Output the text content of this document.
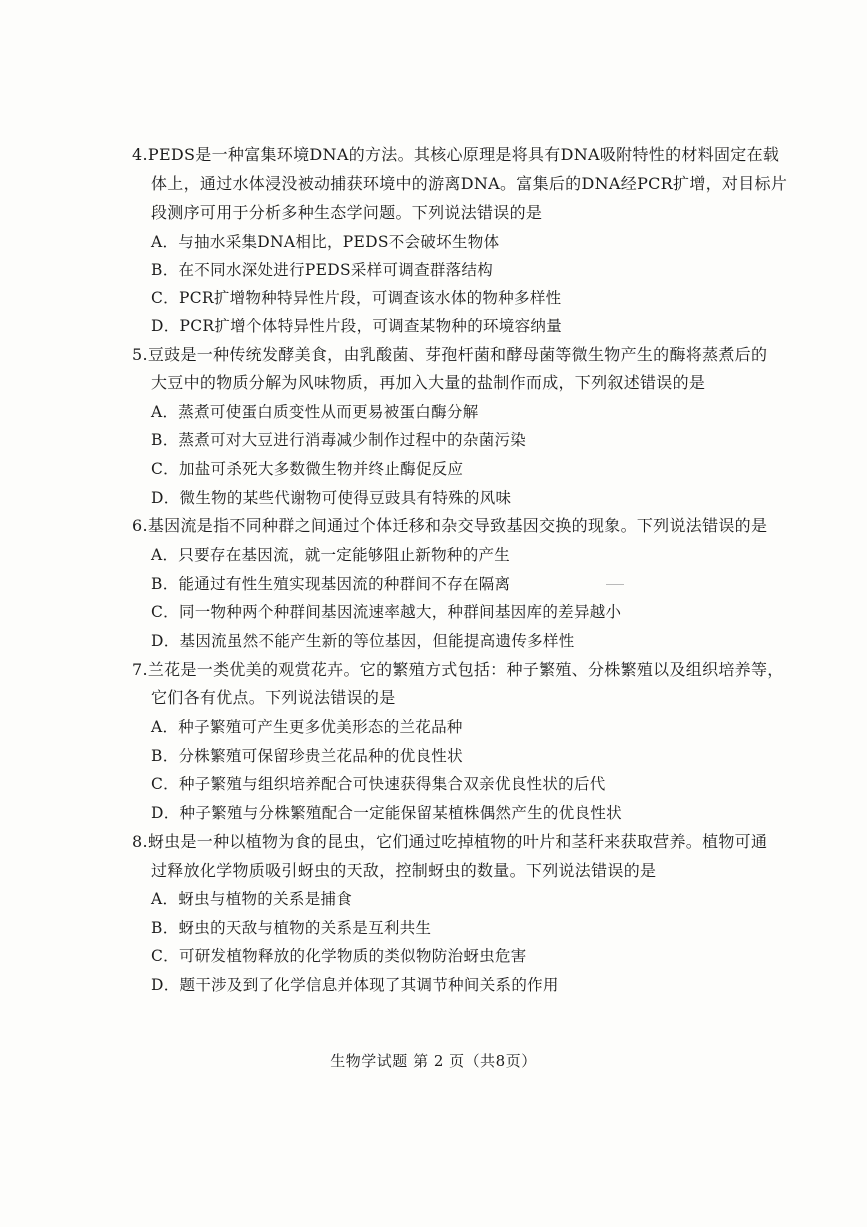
4.PEDS是一种富集环境DNA的方法。其核心原理是将具有DNA吸附特性的材料固定在载
体上，通过水体浸没被动捕获环境中的游离DNA。富集后的DNA经PCR扩增，对目标片
段测序可用于分析多种生态学问题。下列说法错误的是
A．与抽水采集DNA相比，PEDS不会破坏生物体
B．在不同水深处进行PEDS采样可调查群落结构
C．PCR扩增物种特异性片段，可调查该水体的物种多样性
D．PCR扩增个体特异性片段，可调查某物种的环境容纳量
5.豆豉是一种传统发酵美食，由乳酸菌、芽孢杆菌和酵母菌等微生物产生的酶将蒸煮后的
大豆中的物质分解为风味物质，再加入大量的盐制作而成，下列叙述错误的是
A．蒸煮可使蛋白质变性从而更易被蛋白酶分解
B．蒸煮可对大豆进行消毒减少制作过程中的杂菌污染
C．加盐可杀死大多数微生物并终止酶促反应
D．微生物的某些代谢物可使得豆豉具有特殊的风味
6.基因流是指不同种群之间通过个体迁移和杂交导致基因交换的现象。下列说法错误的是
A．只要存在基因流，就一定能够阻止新物种的产生
B．能通过有性生殖实现基因流的种群间不存在隔离
C．同一物种两个种群间基因流速率越大，种群间基因库的差异越小
D．基因流虽然不能产生新的等位基因，但能提高遗传多样性
7.兰花是一类优美的观赏花卉。它的繁殖方式包括：种子繁殖、分株繁殖以及组织培养等，
它们各有优点。下列说法错误的是
A．种子繁殖可产生更多优美形态的兰花品种
B．分株繁殖可保留珍贵兰花品种的优良性状
C．种子繁殖与组织培养配合可快速获得集合双亲优良性状的后代
D．种子繁殖与分株繁殖配合一定能保留某植株偶然产生的优良性状
8.蚜虫是一种以植物为食的昆虫，它们通过吃掉植物的叶片和茎秆来获取营养。植物可通
过释放化学物质吸引蚜虫的天敌，控制蚜虫的数量。下列说法错误的是
A．蚜虫与植物的关系是捕食
B．蚜虫的天敌与植物的关系是互利共生
C．可研发植物释放的化学物质的类似物防治蚜虫危害
D．题干涉及到了化学信息并体现了其调节种间关系的作用
生物学试题 第 2 页（共8页）
